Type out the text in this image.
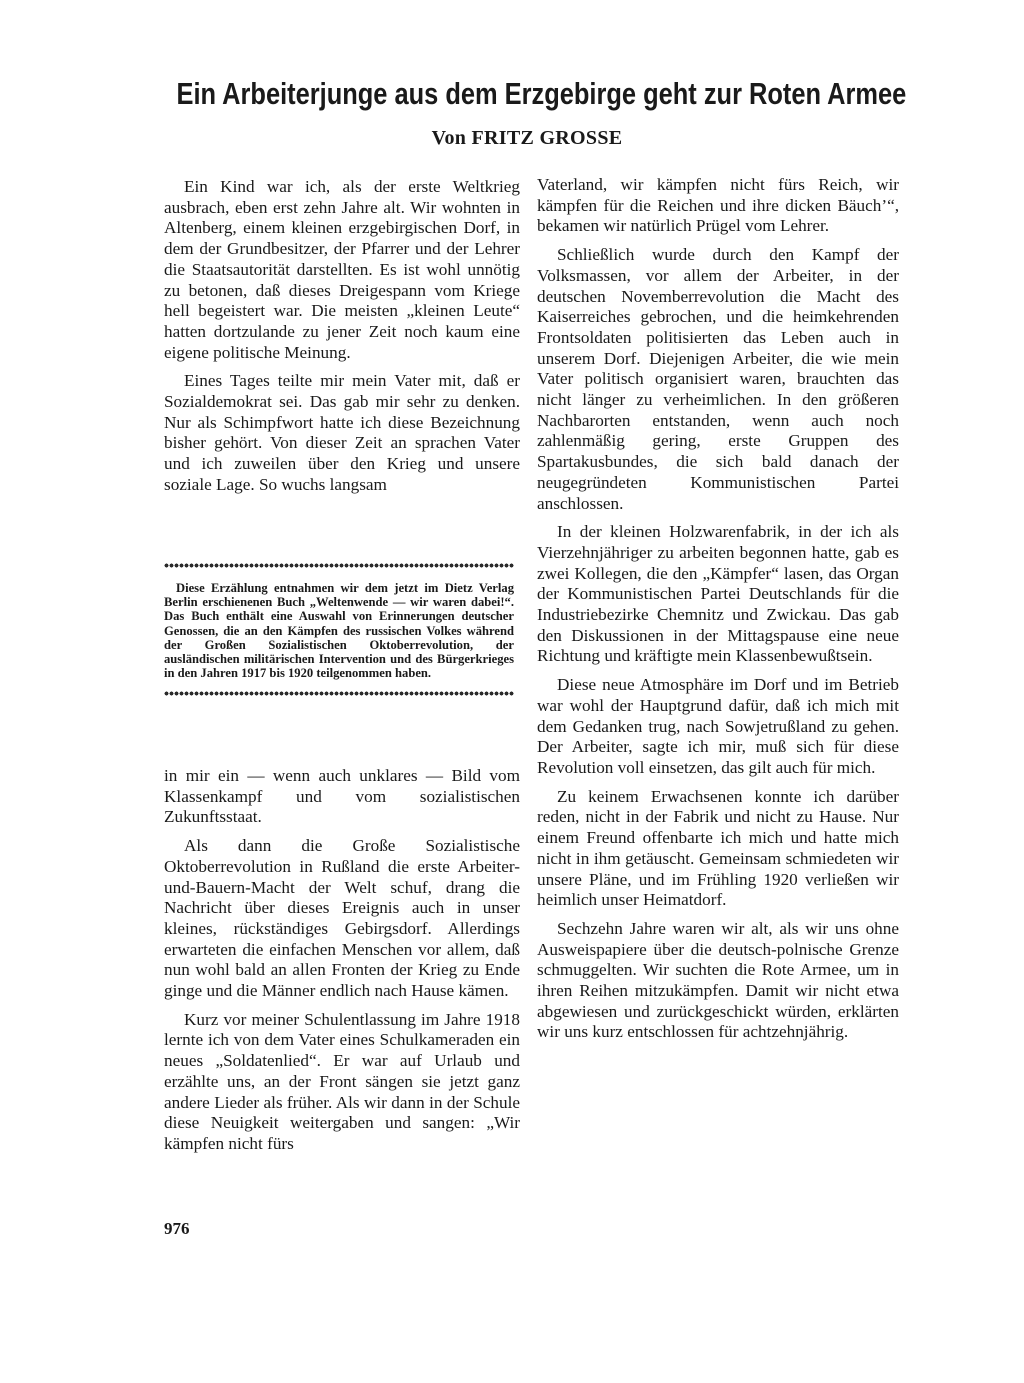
Ein Arbeiterjunge aus dem Erzgebirge geht zur Roten Armee
Von FRITZ GROSSE

Ein Kind war ich, als der erste Weltkrieg ausbrach, eben erst zehn Jahre alt. Wir wohnten in Altenberg, einem kleinen erzgebirgischen Dorf, in dem der Grundbesitzer, der Pfarrer und der Lehrer die Staatsautorität darstellten. Es ist wohl unnötig zu betonen, daß dieses Dreigespann vom Kriege hell begeistert war. Die meisten „kleinen Leute“ hatten dortzulande zu jener Zeit noch kaum eine eigene politische Meinung.

Eines Tages teilte mir mein Vater mit, daß er Sozialdemokrat sei. Das gab mir sehr zu denken. Nur als Schimpfwort hatte ich diese Bezeichnung bisher gehört. Von dieser Zeit an sprachen Vater und ich zuweilen über den Krieg und unsere soziale Lage. So wuchs langsam

Diese Erzählung entnahmen wir dem jetzt im Dietz Verlag Berlin erschienenen Buch „Weltenwende — wir waren dabei!“. Das Buch enthält eine Auswahl von Erinnerungen deutscher Genossen, die an den Kämpfen des russischen Volkes während der Großen Sozialistischen Oktoberrevolution, der ausländischen militärischen Intervention und des Bürgerkrieges in den Jahren 1917 bis 1920 teilgenommen haben.

in mir ein — wenn auch unklares — Bild vom Klassenkampf und vom sozialistischen Zukunftsstaat.

Als dann die Große Sozialistische Oktoberrevolution in Rußland die erste Arbeiter-und-Bauern-Macht der Welt schuf, drang die Nachricht über dieses Ereignis auch in unser kleines, rückständiges Gebirgsdorf. Allerdings erwarteten die einfachen Menschen vor allem, daß nun wohl bald an allen Fronten der Krieg zu Ende ginge und die Männer endlich nach Hause kämen.

Kurz vor meiner Schulentlassung im Jahre 1918 lernte ich von dem Vater eines Schulkameraden ein neues „Soldatenlied“. Er war auf Urlaub und erzählte uns, an der Front sängen sie jetzt ganz andere Lieder als früher. Als wir dann in der Schule diese Neuigkeit weitergaben und sangen: „Wir kämpfen nicht fürs

Vaterland, wir kämpfen nicht fürs Reich, wir kämpfen für die Reichen und ihre dicken Bäuch’“, bekamen wir natürlich Prügel vom Lehrer.

Schließlich wurde durch den Kampf der Volksmassen, vor allem der Arbeiter, in der deutschen Novemberrevolution die Macht des Kaiserreiches gebrochen, und die heimkehrenden Frontsoldaten politisierten das Leben auch in unserem Dorf. Diejenigen Arbeiter, die wie mein Vater politisch organisiert waren, brauchten das nicht länger zu verheimlichen. In den größeren Nachbarorten entstanden, wenn auch noch zahlenmäßig gering, erste Gruppen des Spartakusbundes, die sich bald danach der neugegründeten Kommunistischen Partei anschlossen.

In der kleinen Holzwarenfabrik, in der ich als Vierzehnjähriger zu arbeiten begonnen hatte, gab es zwei Kollegen, die den „Kämpfer“ lasen, das Organ der Kommunistischen Partei Deutschlands für die Industriebezirke Chemnitz und Zwickau. Das gab den Diskussionen in der Mittagspause eine neue Richtung und kräftigte mein Klassenbewußtsein.

Diese neue Atmosphäre im Dorf und im Betrieb war wohl der Hauptgrund dafür, daß ich mich mit dem Gedanken trug, nach Sowjetrußland zu gehen. Der Arbeiter, sagte ich mir, muß sich für diese Revolution voll einsetzen, das gilt auch für mich.

Zu keinem Erwachsenen konnte ich darüber reden, nicht in der Fabrik und nicht zu Hause. Nur einem Freund offenbarte ich mich und hatte mich nicht in ihm getäuscht. Gemeinsam schmiedeten wir unsere Pläne, und im Frühling 1920 verließen wir heimlich unser Heimatdorf.

Sechzehn Jahre waren wir alt, als wir uns ohne Ausweispapiere über die deutsch-polnische Grenze schmuggelten. Wir suchten die Rote Armee, um in ihren Reihen mitzukämpfen. Damit wir nicht etwa abgewiesen und zurückgeschickt würden, erklärten wir uns kurz entschlossen für achtzehnjährig.

976
